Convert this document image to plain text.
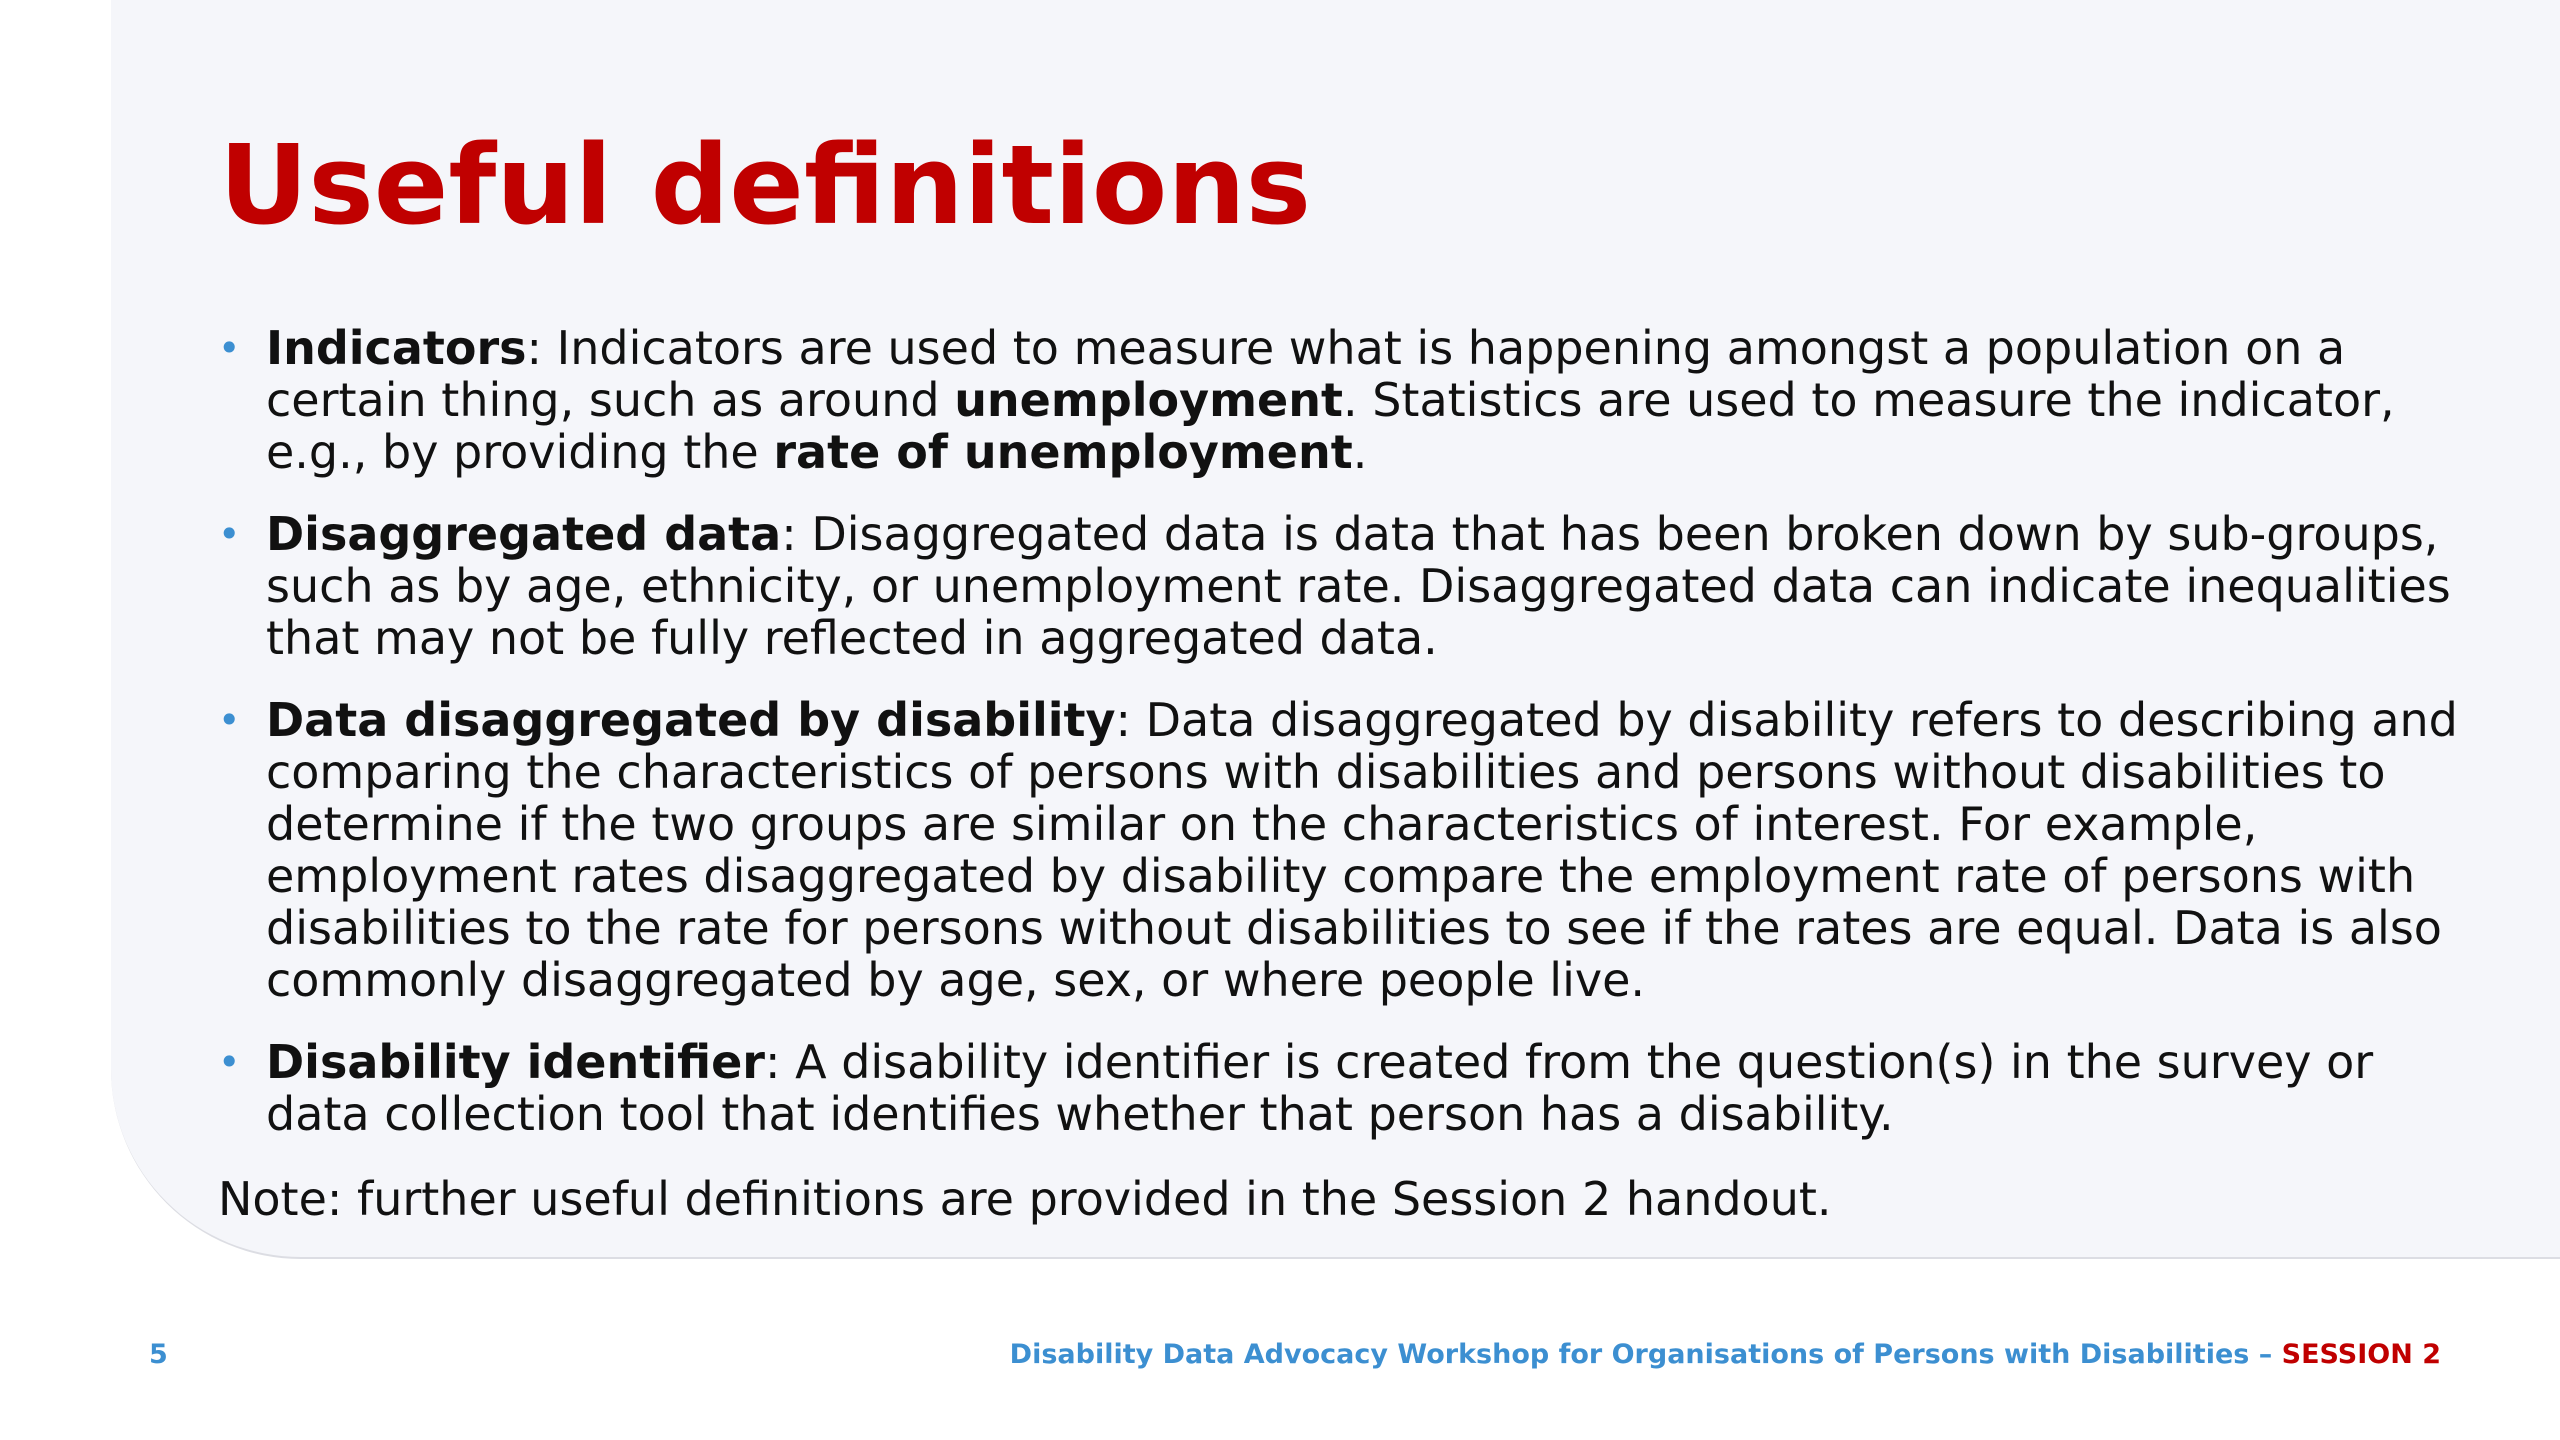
Useful definitions
• Indicators: Indicators are used to measure what is happening amongst a population on a certain thing, such as around unemployment. Statistics are used to measure the indicator, e.g., by providing the rate of unemployment.
• Disaggregated data: Disaggregated data is data that has been broken down by sub-groups, such as by age, ethnicity, or unemployment rate. Disaggregated data can indicate inequalities that may not be fully reflected in aggregated data.
• Data disaggregated by disability: Data disaggregated by disability refers to describing and comparing the characteristics of persons with disabilities and persons without disabilities to determine if the two groups are similar on the characteristics of interest. For example, employment rates disaggregated by disability compare the employment rate of persons with disabilities to the rate for persons without disabilities to see if the rates are equal. Data is also commonly disaggregated by age, sex, or where people live.
• Disability identifier: A disability identifier is created from the question(s) in the survey or data collection tool that identifies whether that person has a disability.

Note: further useful definitions are provided in the Session 2 handout.

5	Disability Data Advocacy Workshop for Organisations of Persons with Disabilities – SESSION 2
